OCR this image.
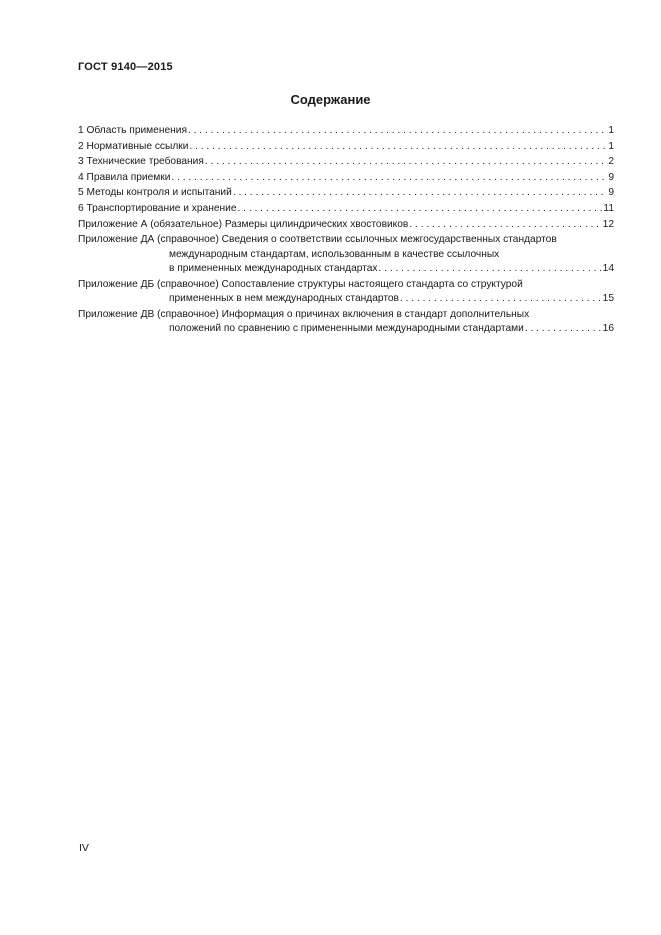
ГОСТ 9140—2015
Содержание
1 Область применения . . .	1
2 Нормативные ссылки . . .	1
3 Технические требования . . .	2
4 Правила приемки . . .	9
5 Методы контроля и испытаний . . .	9
6 Транспортирование и хранение . . .	11
Приложение А (обязательное) Размеры цилиндрических хвостовиков . . .	12
Приложение ДА (справочное) Сведения о соответствии ссылочных межгосударственных стандартов
международным стандартам, использованным в качестве ссылочных
в примененных международных стандартах . . .	14
Приложение ДБ (справочное) Сопоставление структуры настоящего стандарта со структурой
примененных в нем международных стандартов . . .	15
Приложение ДВ (справочное) Информация о причинах включения в стандарт дополнительных
положений по сравнению с примененными международными стандартами . . .	16
IV
